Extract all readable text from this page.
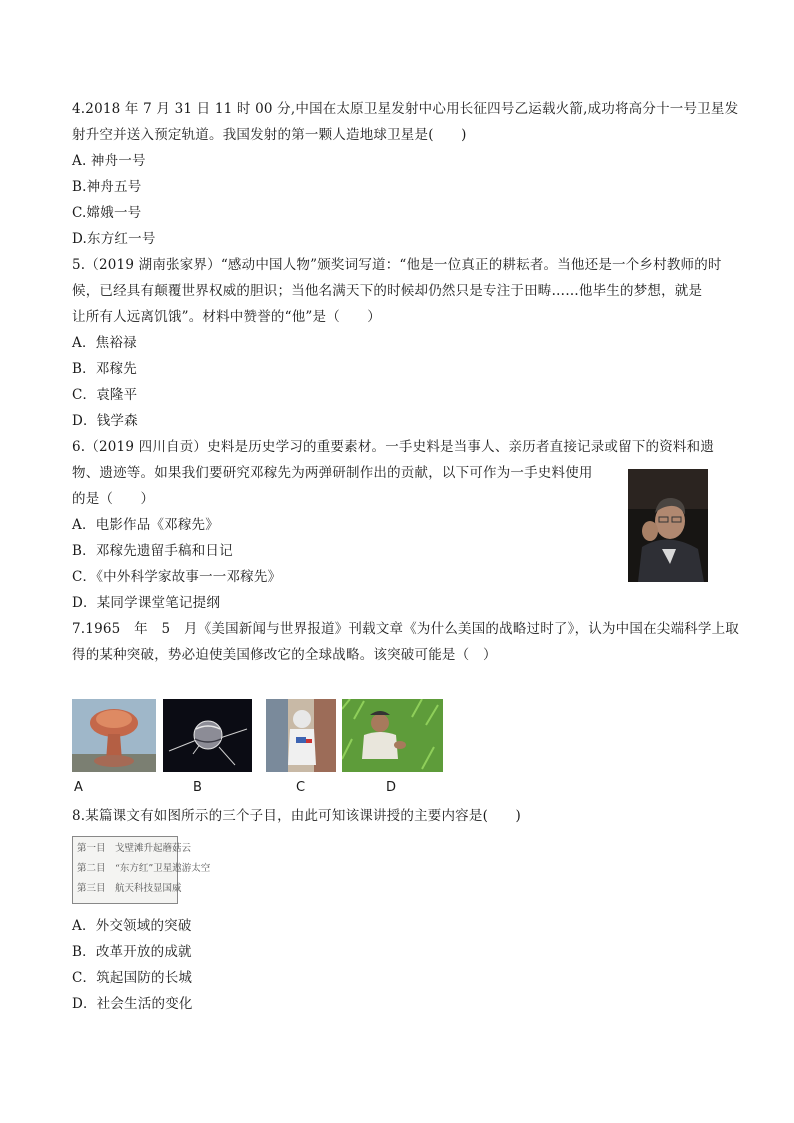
4.2018 年 7 月 31 日 11 时 00 分,中国在太原卫星发射中心用长征四号乙运载火箭,成功将高分十一号卫星发
射升空并送入预定轨道。我国发射的第一颗人造地球卫星是(　　)
A. 神舟一号
B.神舟五号
C.嫦娥一号
D.东方红一号
5.（2019 湖南张家界）“感动中国人物”颁奖词写道：“他是一位真正的耕耘者。当他还是一个乡村教师的时
候，已经具有颠覆世界权威的胆识；当他名满天下的时候却仍然只是专注于田畴……他毕生的梦想，就是
让所有人远离饥饿”。材料中赞誉的“他”是（　　）
A．焦裕禄
B．邓稼先
C．袁隆平
D．钱学森
6.（2019 四川自贡）史料是历史学习的重要素材。一手史料是当事人、亲历者直接记录或留下的资料和遗
物、遗迹等。如果我们要研究邓稼先为两弹研制作出的贡献，以下可作为一手史料使用
的是（　　）
A．电影作品《邓稼先》
B．邓稼先遗留手稿和日记
C．《中外科学家故事一一邓稼先》
D．某同学课堂笔记提纲
7.1965　年　5　月《美国新闻与世界报道》刊载文章《为什么美国的战略过时了》，认为中国在尖端科学上取
得的某种突破，势必迫使美国修改它的全球战略。该突破可能是（　）
A	B	C	D
8.某篇课文有如图所示的三个子目，由此可知该课讲授的主要内容是(　　)
第一目　戈壁滩升起蘑菇云
第二目　“东方红”卫星遨游太空
第三目　航天科技显国威
A．外交领域的突破
B．改革开放的成就
C．筑起国防的长城
D．社会生活的变化
